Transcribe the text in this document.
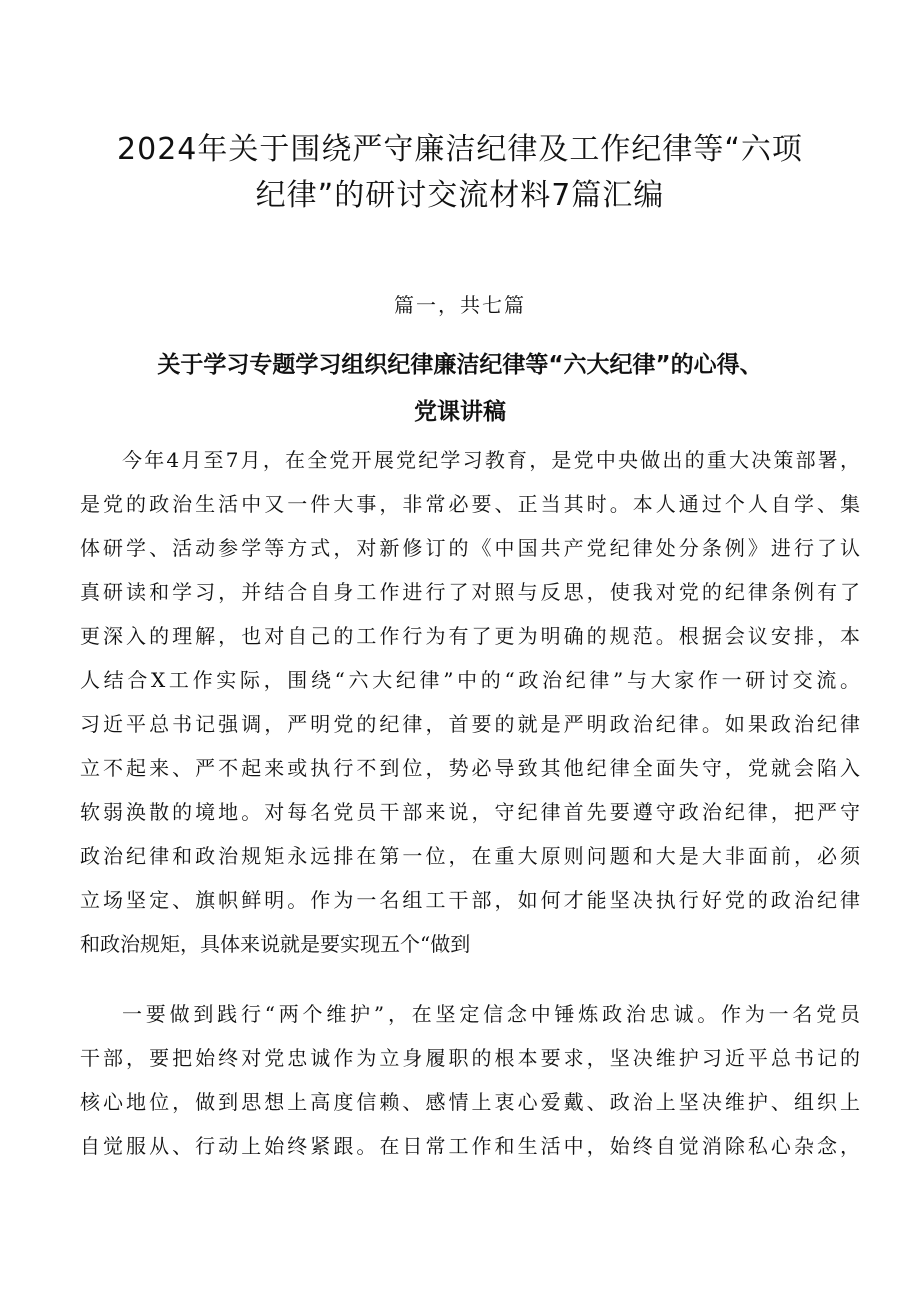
2024年关于围绕严守廉洁纪律及工作纪律等“六项
纪律”的研讨交流材料7篇汇编

篇一，共七篇

关于学习专题学习组织纪律廉洁纪律等“六大纪律”的心得、
党课讲稿

今年4月至7月，在全党开展党纪学习教育，是党中央做出的重大决策部署，

是党的政治生活中又一件大事，非常必要、正当其时。本人通过个人自学、集

体研学、活动参学等方式，对新修订的《中国共产党纪律处分条例》进行了认

真研读和学习，并结合自身工作进行了对照与反思，使我对党的纪律条例有了

更深入的理解，也对自己的工作行为有了更为明确的规范。根据会议安排，本

人结合X工作实际，围绕“六大纪律”中的“政治纪律”与大家作一研讨交流。

习近平总书记强调，严明党的纪律，首要的就是严明政治纪律。如果政治纪律

立不起来、严不起来或执行不到位，势必导致其他纪律全面失守，党就会陷入

软弱涣散的境地。对每名党员干部来说，守纪律首先要遵守政治纪律，把严守

政治纪律和政治规矩永远排在第一位，在重大原则问题和大是大非面前，必须

立场坚定、旗帜鲜明。作为一名组工干部，如何才能坚决执行好党的政治纪律

和政治规矩，具体来说就是要实现五个“做到

一要做到践行“两个维护”，在坚定信念中锤炼政治忠诚。作为一名党员

干部，要把始终对党忠诚作为立身履职的根本要求，坚决维护习近平总书记的

核心地位，做到思想上高度信赖、感情上衷心爱戴、政治上坚决维护、组织上

自觉服从、行动上始终紧跟。在日常工作和生活中，始终自觉消除私心杂念，
